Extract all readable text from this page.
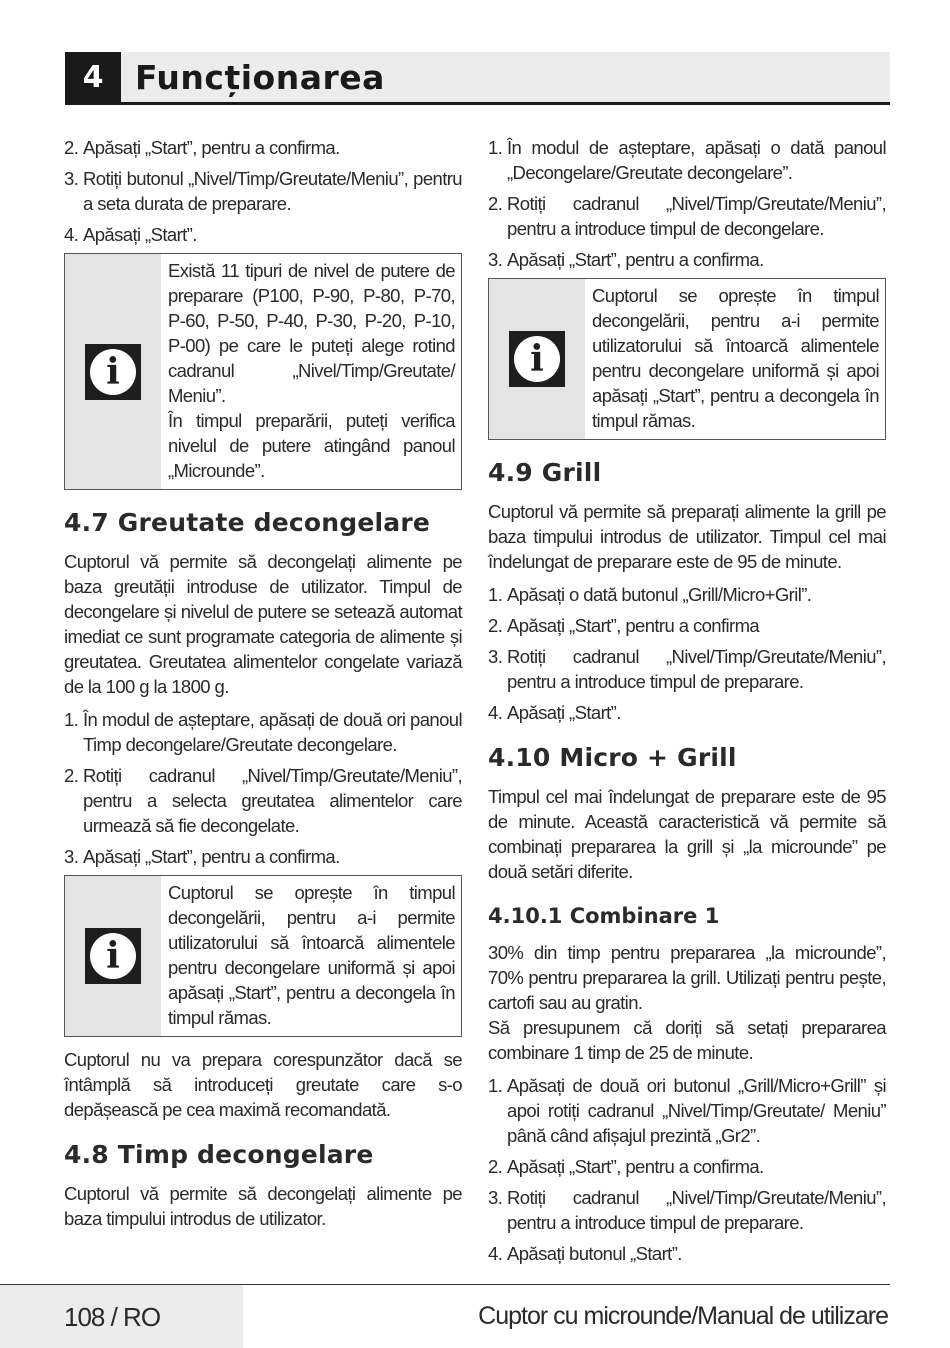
4 Funcționarea
2. Apăsați „Start”, pentru a confirma.
3. Rotiți butonul „Nivel/Timp/Greutate/Meniu”, pentru a seta durata de preparare.
4. Apăsați „Start”.
i

Există 11 tipuri de nivel de putere de preparare (P100, P-90, P-80, P-70, P-60, P-50, P-40, P-30, P-20, P-10, P-00) pe care le puteți alege rotind cadranul „Nivel/Timp/Greutate/ Meniu”.

În timpul preparării, puteți verifica nivelul de putere atingând panoul „Microunde”.

4.7 Greutate decongelare

Cuptorul vă permite să decongelați alimente pe baza greutății introduse de utilizator. Timpul de decongelare și nivelul de putere se setează automat imediat ce sunt programate categoria de alimente și greutatea. Greutatea alimentelor congelate variază de la 100 g la 1800 g.

1. În modul de așteptare, apăsați de două ori panoul Timp decongelare/Greutate decongelare.
2. Rotiți cadranul „Nivel/Timp/Greutate/Meniu”, pentru a selecta greutatea alimentelor care urmează să fie decongelate.
3. Apăsați „Start”, pentru a confirma.
i

Cuptorul se oprește în timpul decongelării, pentru a-i permite utilizatorului să întoarcă alimentele pentru decongelare uniformă și apoi apăsați „Start”, pentru a decongela în timpul rămas.

Cuptorul nu va prepara corespunzător dacă se întâmplă să introduceți greutate care s-o depășească pe cea maximă recomandată.

4.8 Timp decongelare

Cuptorul vă permite să decongelați alimente pe baza timpului introdus de utilizator.

1. În modul de așteptare, apăsați o dată panoul „Decongelare/Greutate decongelare”.
2. Rotiți cadranul „Nivel/Timp/Greutate/Meniu”, pentru a introduce timpul de decongelare.
3. Apăsați „Start”, pentru a confirma.
i

Cuptorul se oprește în timpul decongelării, pentru a-i permite utilizatorului să întoarcă alimentele pentru decongelare uniformă și apoi apăsați „Start”, pentru a decongela în timpul rămas.

4.9 Grill

Cuptorul vă permite să preparați alimente la grill pe baza timpului introdus de utilizator. Timpul cel mai îndelungat de preparare este de 95 de minute.

1. Apăsați o dată butonul „Grill/Micro+Gril”.
2. Apăsați „Start”, pentru a confirma
3. Rotiți cadranul „Nivel/Timp/Greutate/Meniu”, pentru a introduce timpul de preparare.
4. Apăsați „Start”.
4.10 Micro + Grill

Timpul cel mai îndelungat de preparare este de 95 de minute. Această caracteristică vă permite să combinați prepararea la grill și „la microunde” pe două setări diferite.

4.10.1 Combinare 1

30% din timp pentru prepararea „la microunde”, 70% pentru prepararea la grill. Utilizați pentru pește, cartofi sau au gratin.

Să presupunem că doriți să setați prepararea combinare 1 timp de 25 de minute.

1. Apăsați de două ori butonul „Grill/Micro+Grill” și apoi rotiți cadranul „Nivel/Timp/Greutate/ Meniu” până când afișajul prezintă „Gr2”.
2. Apăsați „Start”, pentru a confirma.
3. Rotiți cadranul „Nivel/Timp/Greutate/Meniu”, pentru a introduce timpul de preparare.
4. Apăsați butonul „Start”.
108 / RO	Cuptor cu microunde/Manual de utilizare
